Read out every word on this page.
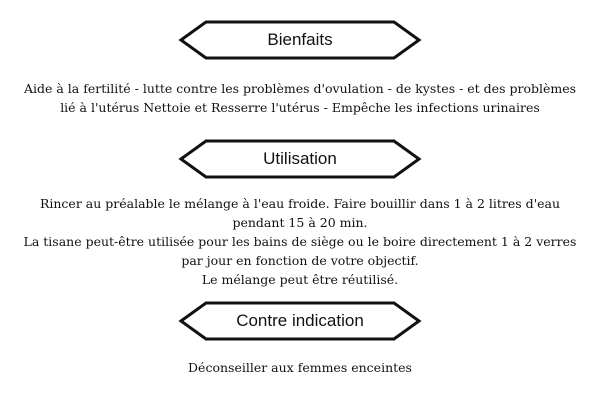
Bienfaits

Aide à la fertilité - lutte contre les problèmes d'ovulation - de kystes - et des problèmes lié à l'utérus Nettoie et Resserre l'utérus - Empêche les infections urinaires

Utilisation

Rincer au préalable le mélange à l'eau froide. Faire bouillir dans 1 à 2 litres d'eau pendant 15 à 20 min.

La tisane peut-être utilisée pour les bains de siège ou le boire directement 1 à 2 verres par jour en fonction de votre objectif.

Le mélange peut être réutilisé.

Contre indication

Déconseiller aux femmes enceintes
